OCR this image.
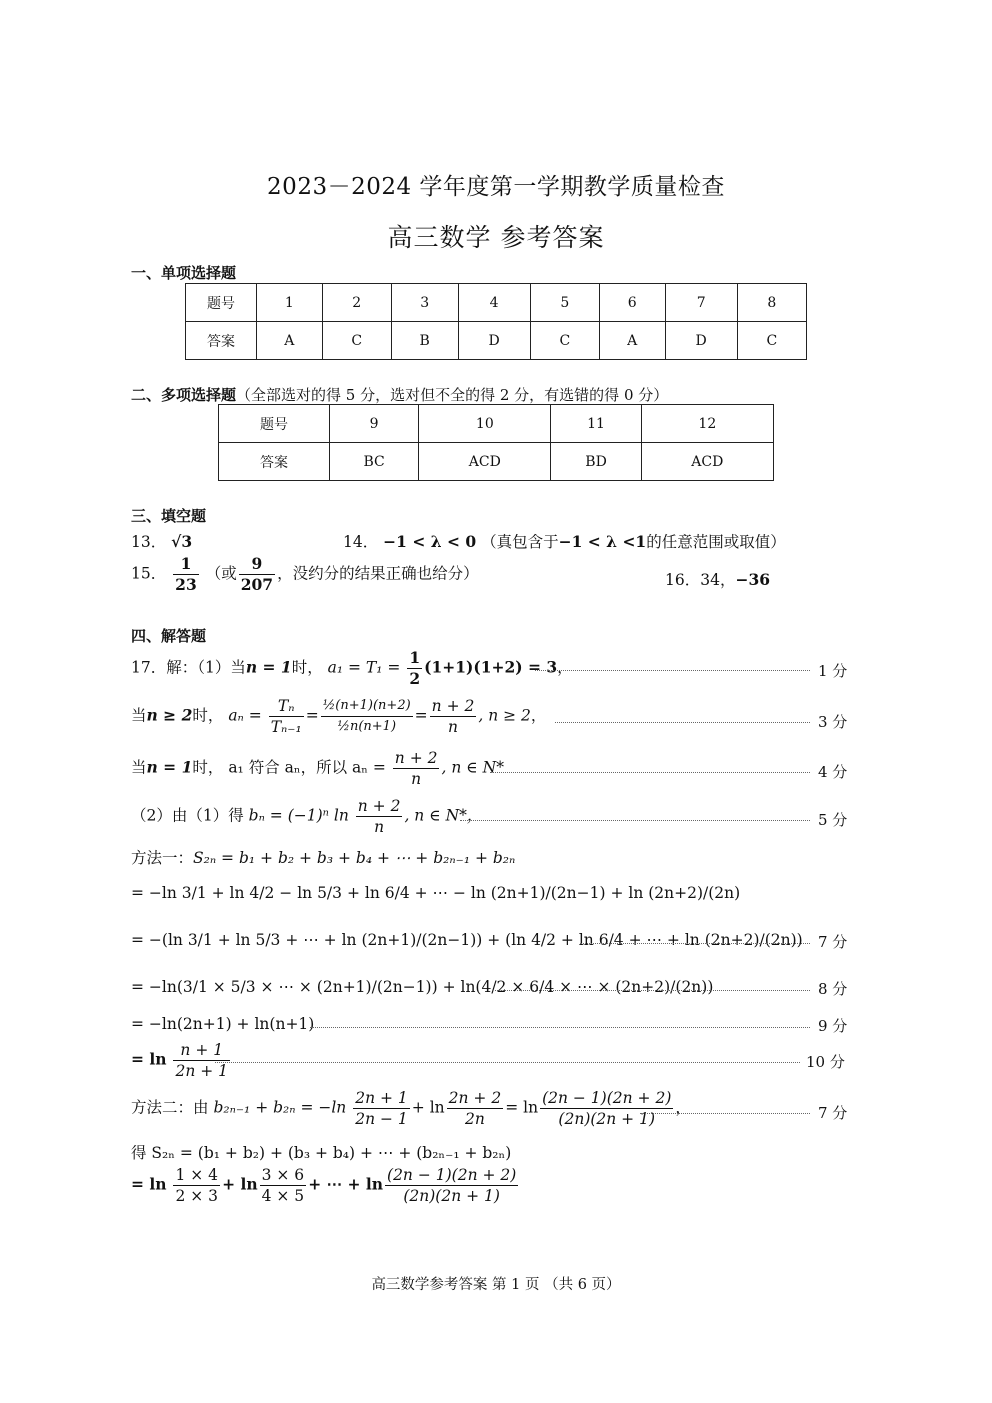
2023－2024 学年度第一学期教学质量检查
高三数学 参考答案
一、单项选择题
题号	1	2	3	4	5	6	7	8
答案	A	C	B	D	C	A	D	C
二、多项选择题（全部选对的得 5 分，选对但不全的得 2 分，有选错的得 0 分）
题号	9	10	11	12
答案	BC	ACD	BD	ACD
三、填空题
13． √3	14． −1 < λ < 0 （真包含于−1 < λ <1的任意范围或取值）
15． $\frac{1}{23}$ （或 $\frac{9}{207}$ ，没约分的结果正确也给分）	16．34，−36
四、解答题
17．解：（1）当n = 1时， $a_1 = T_1 = \frac{1}{2} (1+1)(1+2) = 3$，	1 分
当n ≥ 2时， $a_n = \frac{\text{Tₙ}}{\text{Tₙ₋₁}} = \frac{\text{½(n+1)(n+2)}}{\text{½n(n+1)}} = \frac{n + 2}{n}$ , n ≥ 2，	3 分
当n = 1时， a₁ 符合 aₙ，所以 $a_n = \frac{n + 2}{n}$ , n ∈ N*	4 分
（2）由（1）得 bₙ = (−1)ⁿ $\ln \frac{n + 2}{n}$ , n ∈ N*，	5 分
方法一：S₂ₙ = b₁ + b₂ + b₃ + b₄ + ⋯ + b₂ₙ₋₁ + b₂ₙ
= −ln 3/1 + ln 4/2 − ln 5/3 + ln 6/4 + ⋯ − ln (2n+1)/(2n−1) + ln (2n+2)/(2n)
= −(ln 3/1 + ln 5/3 + ⋯ + ln (2n+1)/(2n−1)) + (ln 4/2 + ln 6/4 + ⋯ + ln (2n+2)/(2n)) 7 分
= −ln(3/1 × 5/3 × ⋯ × (2n+1)/(2n−1)) + ln(4/2 × 6/4 × ⋯ × (2n+2)/(2n))	8 分
= −ln(2n+1) + ln(n+1)	9 分
= $\ln \frac{n + 1}{2n + 1}$	10 分
方法二：由 $b_{2n-1} + b_{2n} = -\ln \frac{2n + 1}{2n - 1} + \ln \frac{2n + 2}{2n} = \ln \frac{(2n - 1)(2n + 2)}{(2n)(2n + 1)}$ ，	7 分
得 S₂ₙ = (b₁ + b₂) + (b₃ + b₄) + ⋯ + (b₂ₙ₋₁ + b₂ₙ)
= $\ln \frac{1 \times 4}{2 \times 3} + \ln \frac{3 \times 6}{4 \times 5}$ + ⋯ + $\ln \frac{(2n - 1)(2n + 2)}{(2n)(2n + 1)}$

高三数学参考答案 第 1 页 （共 6 页）
